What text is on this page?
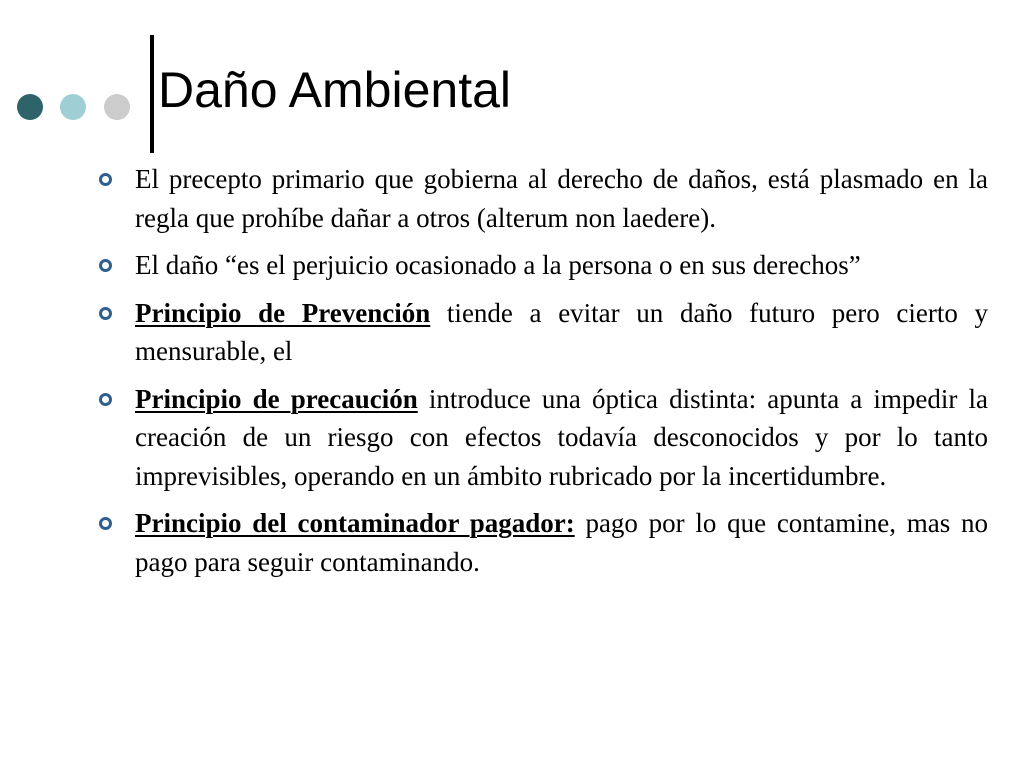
Daño Ambiental
El precepto primario que gobierna al derecho de daños, está plasmado en la regla que prohíbe dañar a otros (alterum non laedere).
El daño “es el perjuicio ocasionado a la persona o en sus derechos”
Principio de Prevención tiende a evitar un daño futuro pero cierto y mensurable, el
Principio de precaución introduce una óptica distinta: apunta a impedir la creación de un riesgo con efectos todavía desconocidos y por lo tanto imprevisibles, operando en un ámbito rubricado por la incertidumbre.
Principio del contaminador pagador: pago por lo que contamine, mas no pago para seguir contaminando.
